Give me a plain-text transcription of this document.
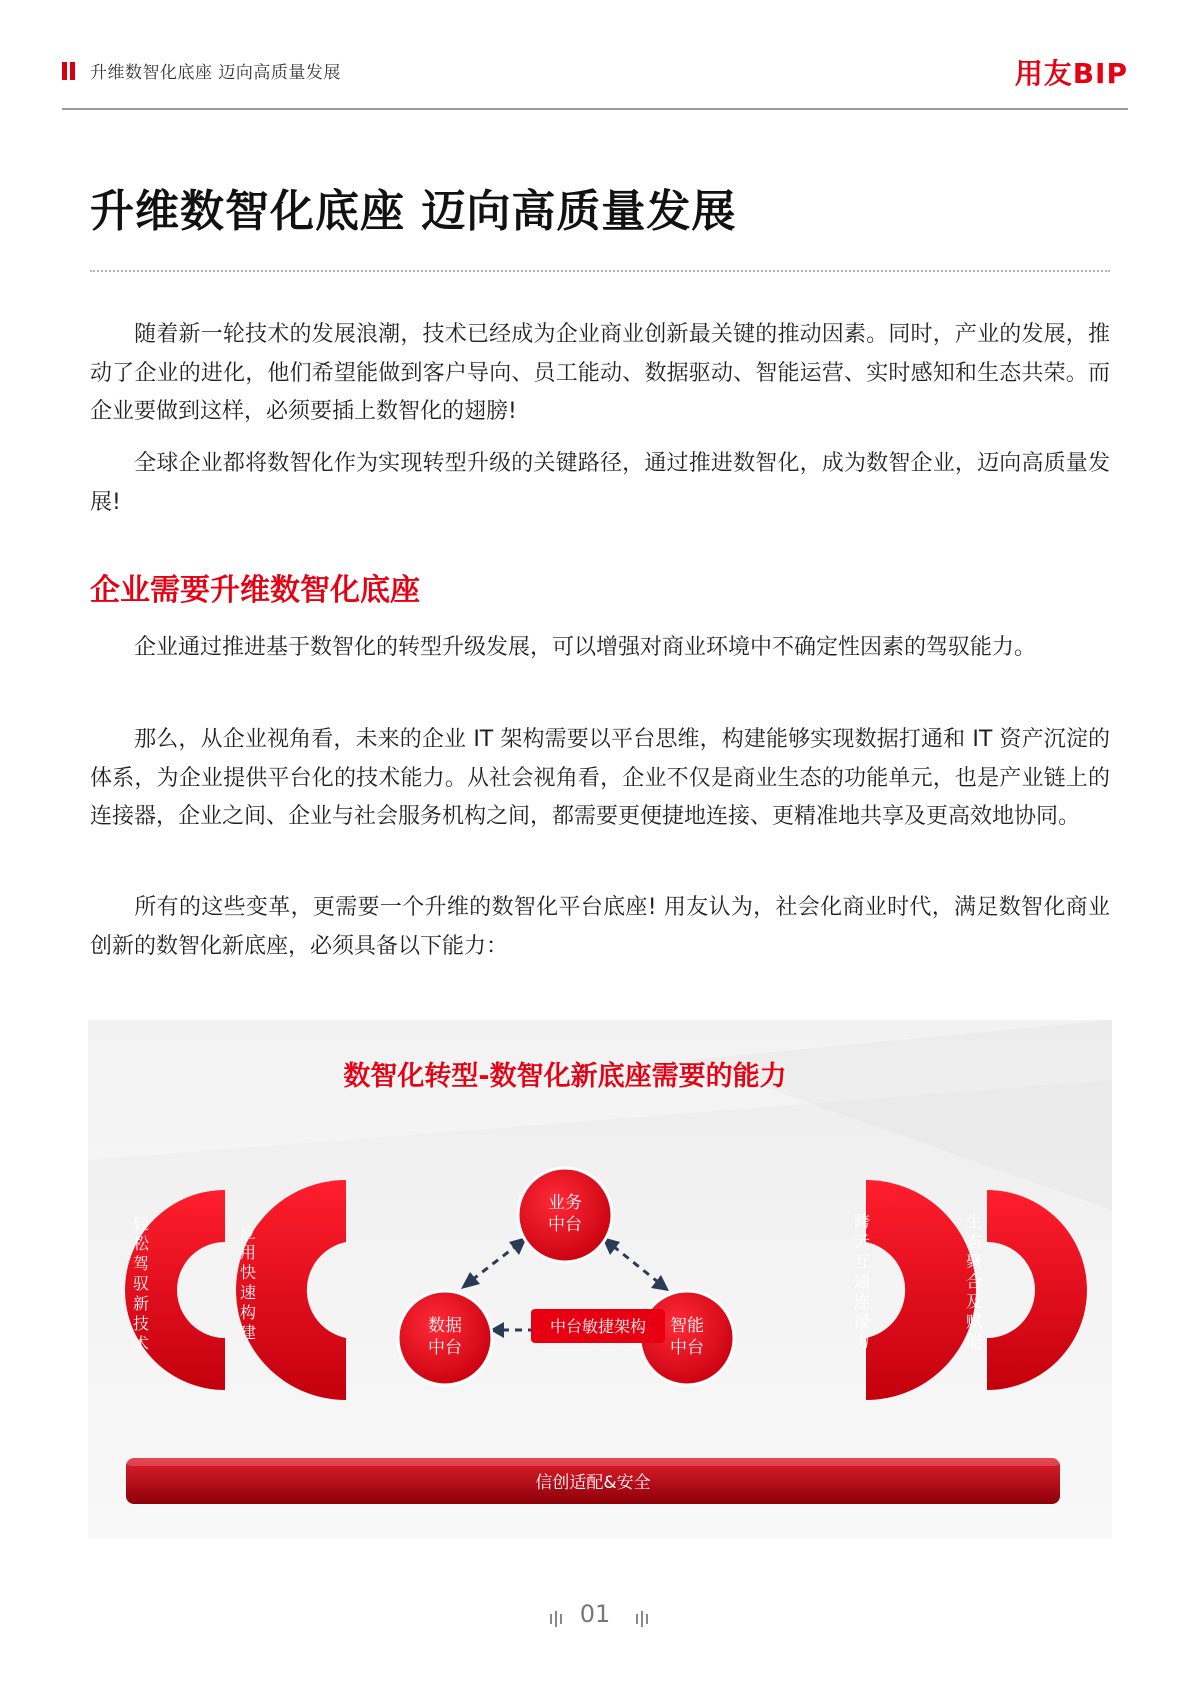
升维数智化底座 迈向高质量发展	用友BIP
升维数智化底座 迈向高质量发展

随着新一轮技术的发展浪潮，技术已经成为企业商业创新最关键的推动因素。同时，产业的发展，推动了企业的进化，他们希望能做到客户导向、员工能动、数据驱动、智能运营、实时感知和生态共荣。而企业要做到这样，必须要插上数智化的翅膀!

全球企业都将数智化作为实现转型升级的关键路径，通过推进数智化，成为数智企业，迈向高质量发展!

企业需要升维数智化底座

企业通过推进基于数智化的转型升级发展，可以增强对商业环境中不确定性因素的驾驭能力。

那么，从企业视角看，未来的企业 IT 架构需要以平台思维，构建能够实现数据打通和 IT 资产沉淀的体系，为企业提供平台化的技术能力。从社会视角看，企业不仅是商业生态的功能单元，也是产业链上的连接器，企业之间、企业与社会服务机构之间，都需要更便捷地连接、更精准地共享及更高效地协同。

所有的这些变革，更需要一个升维的数智化平台底座! 用友认为，社会化商业时代，满足数智化商业创新的数智化新底座，必须具备以下能力：

数智化转型-数智化新底座需要的能力
轻
松
驾
驭
新
技
术
应
用
快
速
构
建
跨
云
互
通
连
接
力
生
态
聚
合
及
赋
能
业务
中台
数据
中台
智能
中台
中台敏捷架构
信创适配&安全
01
